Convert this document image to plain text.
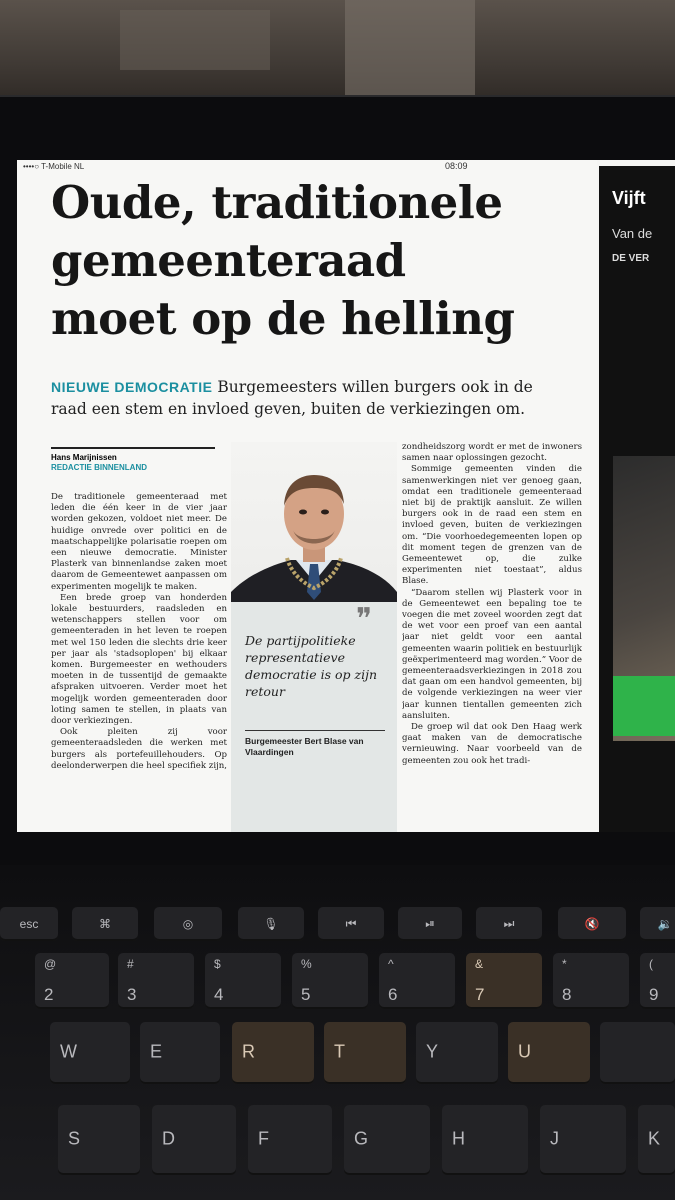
••••○ T-Mobile NL	08:09
Oude, traditionele
gemeenteraad
moet op de helling
NIEUWE DEMOCRATIE Burgemeesters willen burgers ook in de raad een stem en invloed geven, buiten de verkiezingen om.
Hans Marijnissen
REDACTIE BINNENLAND

De traditionele gemeenteraad met leden die één keer in de vier jaar worden gekozen, voldoet niet meer. De huidige onvrede over politici en de maatschappelijke polarisatie roepen om een nieuwe democratie. Minister Plasterk van binnenlandse zaken moet daarom de Gemeentewet aanpassen om experimenten mogelijk te maken.

Een brede groep van honderden lokale bestuurders, raadsleden en wetenschappers stellen voor om gemeenteraden in het leven te roepen met wel 150 leden die slechts drie keer per jaar als 'stadsoplopen' bij elkaar komen. Burgemeester en wethouders moeten in de tussentijd de gemaakte afspraken uitvoeren. Verder moet het mogelijk worden gemeenteraden door loting samen te stellen, in plaats van door verkiezingen.

Ook pleiten zij voor gemeenteraadsleden die werken met burgers als portefeuillehouders. Op deelonderwerpen die heel specifiek zijn,

❞
De partijpolitieke representatieve democratie is op zijn retour
Burgemeester Bert Blase van Vlaardingen

zondheidszorg wordt er met de inwoners samen naar oplossingen gezocht.

Sommige gemeenten vinden die samenwerkingen niet ver genoeg gaan, omdat een traditionele gemeenteraad niet bij de praktijk aansluit. Ze willen burgers ook in de raad een stem en invloed geven, buiten de verkiezingen om. “Die voorhoedegemeenten lopen op dit moment tegen de grenzen van de Gemeentewet op, die zulke experimenten niet toestaat”, aldus Blase.

“Daarom stellen wij Plasterk voor in de Gemeentewet een bepaling toe te voegen die met zoveel woorden zegt dat de wet voor een proef van een aantal jaar niet geldt voor een aantal gemeenten waarin politiek en bestuurlijk geëxperimenteerd mag worden.” Voor de gemeenteraadsverkiezingen in 2018 zou dat gaan om een handvol gemeenten, bij de volgende verkiezingen na weer vier jaar kunnen tientallen gemeenten zich aansluiten.

De groep wil dat ook Den Haag werk gaat maken van de democratische vernieuwing. Naar voorbeeld van de gemeenten zou ook het tradi-

Vijft
Van de
DE VER
esc	⌘	◎	🎙	⏮	⏯	⏭	🔇	🔉
@
2
#
3
$
4
%
5
^
6
&
7
*
8
(
9
W	E	R	T	Y	U
S	D	F	G	H	J	K
